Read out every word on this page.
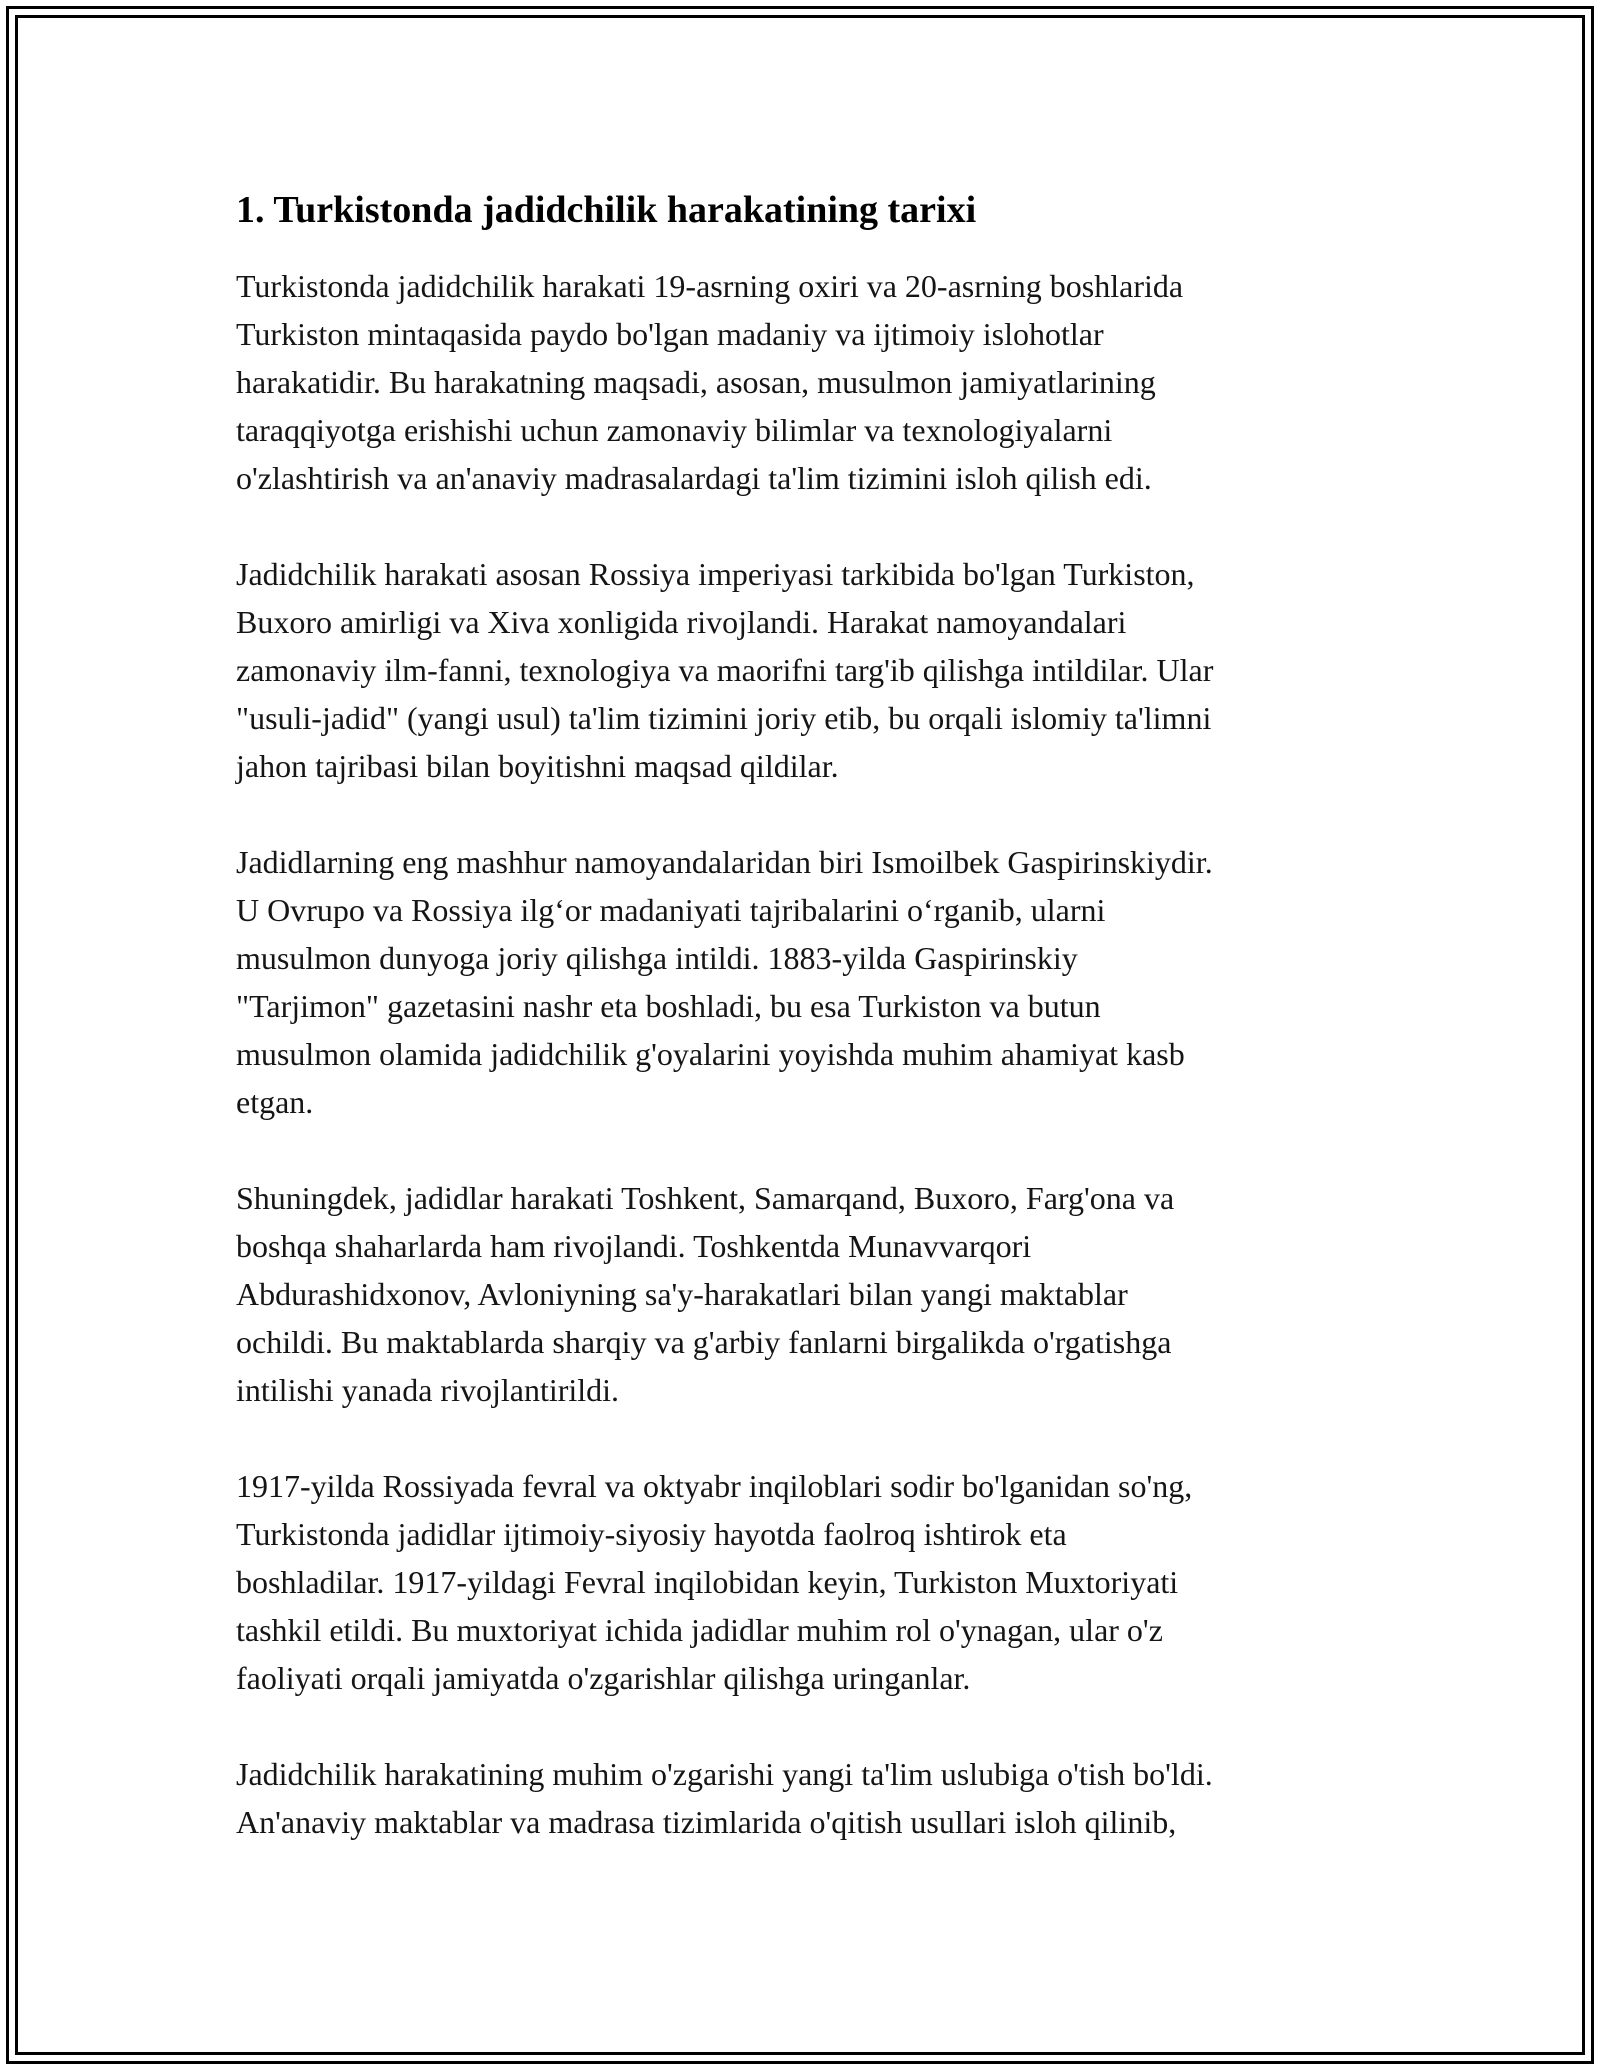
1. Turkistonda jadidchilik harakatining tarixi

Turkistonda jadidchilik harakati 19-asrning oxiri va 20-asrning boshlarida
Turkiston mintaqasida paydo bo'lgan madaniy va ijtimoiy islohotlar
harakatidir. Bu harakatning maqsadi, asosan, musulmon jamiyatlarining
taraqqiyotga erishishi uchun zamonaviy bilimlar va texnologiyalarni
o'zlashtirish va an'anaviy madrasalardagi ta'lim tizimini isloh qilish edi.

Jadidchilik harakati asosan Rossiya imperiyasi tarkibida bo'lgan Turkiston,
Buxoro amirligi va Xiva xonligida rivojlandi. Harakat namoyandalari
zamonaviy ilm-fanni, texnologiya va maorifni targ'ib qilishga intildilar. Ular
"usuli-jadid" (yangi usul) ta'lim tizimini joriy etib, bu orqali islomiy ta'limni
jahon tajribasi bilan boyitishni maqsad qildilar.

Jadidlarning eng mashhur namoyandalaridan biri Ismoilbek Gaspirinskiydir.
U Ovrupo va Rossiya ilg‘or madaniyati tajribalarini o‘rganib, ularni
musulmon dunyoga joriy qilishga intildi. 1883-yilda Gaspirinskiy
"Tarjimon" gazetasini nashr eta boshladi, bu esa Turkiston va butun
musulmon olamida jadidchilik g'oyalarini yoyishda muhim ahamiyat kasb
etgan.

Shuningdek, jadidlar harakati Toshkent, Samarqand, Buxoro, Farg'ona va
boshqa shaharlarda ham rivojlandi. Toshkentda Munavvarqori
Abdurashidxonov, Avloniyning sa'y-harakatlari bilan yangi maktablar
ochildi. Bu maktablarda sharqiy va g'arbiy fanlarni birgalikda o'rgatishga
intilishi yanada rivojlantirildi.

1917-yilda Rossiyada fevral va oktyabr inqiloblari sodir bo'lganidan so'ng,
Turkistonda jadidlar ijtimoiy-siyosiy hayotda faolroq ishtirok eta
boshladilar. 1917-yildagi Fevral inqilobidan keyin, Turkiston Muxtoriyati
tashkil etildi. Bu muxtoriyat ichida jadidlar muhim rol o'ynagan, ular o'z
faoliyati orqali jamiyatda o'zgarishlar qilishga uringanlar.

Jadidchilik harakatining muhim o'zgarishi yangi ta'lim uslubiga o'tish bo'ldi.
An'anaviy maktablar va madrasa tizimlarida o'qitish usullari isloh qilinib,
